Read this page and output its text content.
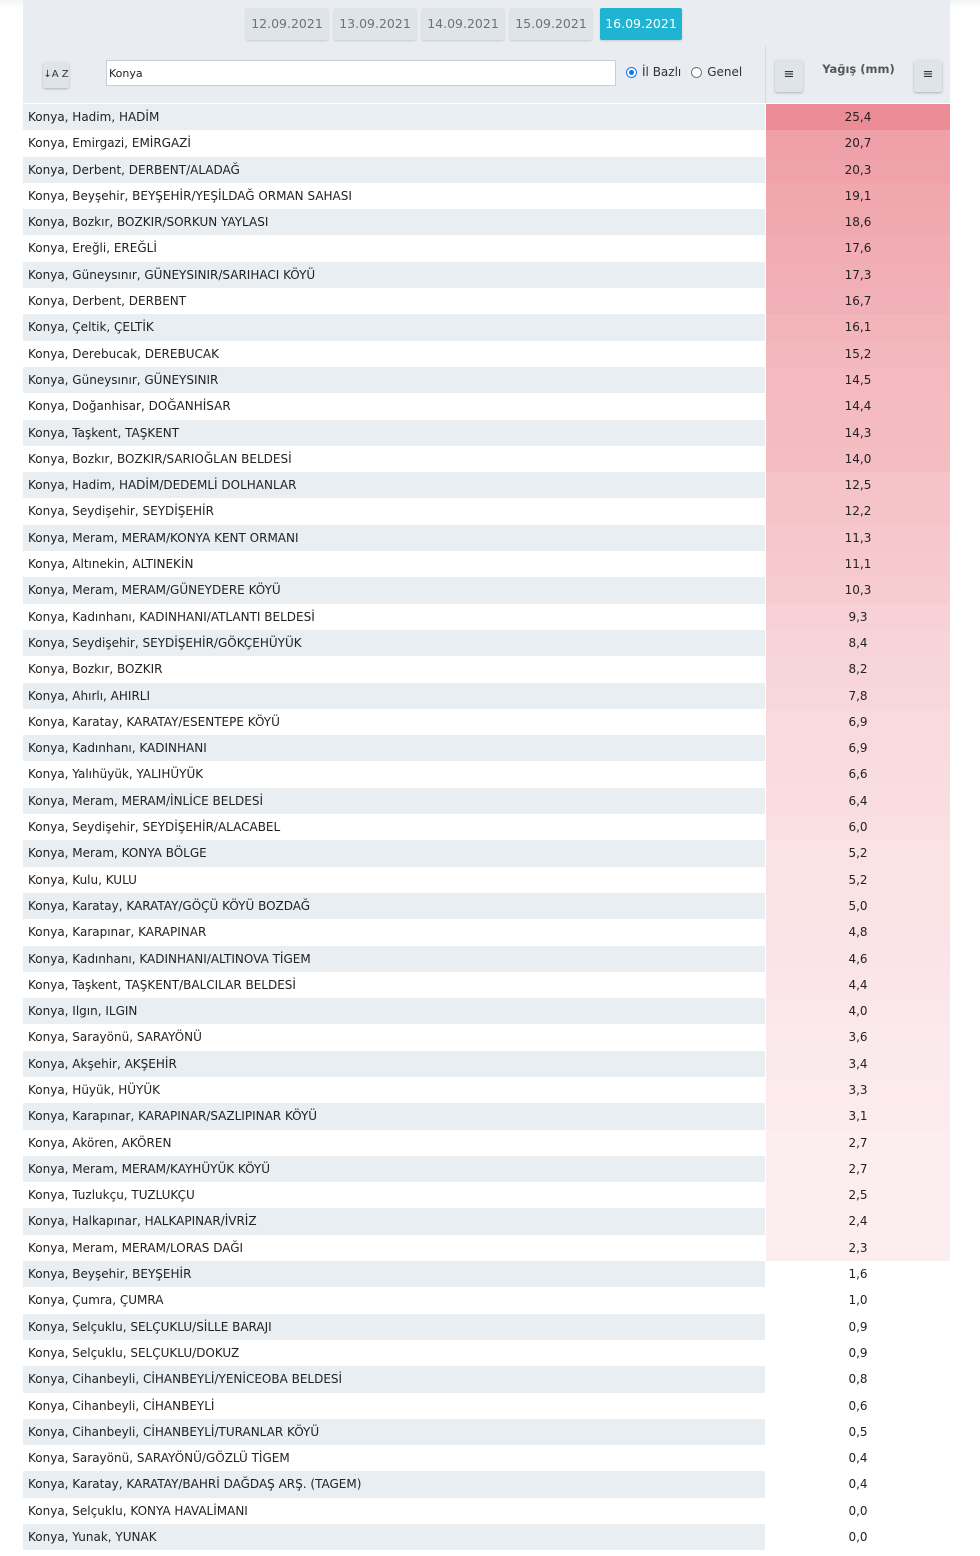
12.09.2021	13.09.2021	14.09.2021	15.09.2021	16.09.2021
↓A Z
Konya	İl Bazlı Genel	≡	Yağış (mm)	≡
Konya, Hadim, HADİM	25,4
Konya, Emirgazi, EMİRGAZİ	20,7
Konya, Derbent, DERBENT/ALADAĞ	20,3
Konya, Beyşehir, BEYŞEHİR/YEŞİLDAĞ ORMAN SAHASI	19,1
Konya, Bozkır, BOZKIR/SORKUN YAYLASI	18,6
Konya, Ereğli, EREĞLİ	17,6
Konya, Güneysınır, GÜNEYSINIR/SARIHACI KÖYÜ	17,3
Konya, Derbent, DERBENT	16,7
Konya, Çeltik, ÇELTİK	16,1
Konya, Derebucak, DEREBUCAK	15,2
Konya, Güneysınır, GÜNEYSINIR	14,5
Konya, Doğanhisar, DOĞANHİSAR	14,4
Konya, Taşkent, TAŞKENT	14,3
Konya, Bozkır, BOZKIR/SARIOĞLAN BELDESİ	14,0
Konya, Hadim, HADİM/DEDEMLİ DOLHANLAR	12,5
Konya, Seydişehir, SEYDİŞEHİR	12,2
Konya, Meram, MERAM/KONYA KENT ORMANI	11,3
Konya, Altınekin, ALTINEKİN	11,1
Konya, Meram, MERAM/GÜNEYDERE KÖYÜ	10,3
Konya, Kadınhanı, KADINHANI/ATLANTI BELDESİ	9,3
Konya, Seydişehir, SEYDİŞEHİR/GÖKÇEHÜYÜK	8,4
Konya, Bozkır, BOZKIR	8,2
Konya, Ahırlı, AHIRLI	7,8
Konya, Karatay, KARATAY/ESENTEPE KÖYÜ	6,9
Konya, Kadınhanı, KADINHANI	6,9
Konya, Yalıhüyük, YALIHÜYÜK	6,6
Konya, Meram, MERAM/İNLİCE BELDESİ	6,4
Konya, Seydişehir, SEYDİŞEHİR/ALACABEL	6,0
Konya, Meram, KONYA BÖLGE	5,2
Konya, Kulu, KULU	5,2
Konya, Karatay, KARATAY/GÖÇÜ KÖYÜ BOZDAĞ	5,0
Konya, Karapınar, KARAPINAR	4,8
Konya, Kadınhanı, KADINHANI/ALTINOVA TİGEM	4,6
Konya, Taşkent, TAŞKENT/BALCILAR BELDESİ	4,4
Konya, Ilgın, ILGIN	4,0
Konya, Sarayönü, SARAYÖNÜ	3,6
Konya, Akşehir, AKŞEHİR	3,4
Konya, Hüyük, HÜYÜK	3,3
Konya, Karapınar, KARAPINAR/SAZLIPINAR KÖYÜ	3,1
Konya, Akören, AKÖREN	2,7
Konya, Meram, MERAM/KAYHÜYÜK KÖYÜ	2,7
Konya, Tuzlukçu, TUZLUKÇU	2,5
Konya, Halkapınar, HALKAPINAR/İVRİZ	2,4
Konya, Meram, MERAM/LORAS DAĞI	2,3
Konya, Beyşehir, BEYŞEHİR	1,6
Konya, Çumra, ÇUMRA	1,0
Konya, Selçuklu, SELÇUKLU/SİLLE BARAJI	0,9
Konya, Selçuklu, SELÇUKLU/DOKUZ	0,9
Konya, Cihanbeyli, CİHANBEYLİ/YENİCEOBA BELDESİ	0,8
Konya, Cihanbeyli, CİHANBEYLİ	0,6
Konya, Cihanbeyli, CİHANBEYLİ/TURANLAR KÖYÜ	0,5
Konya, Sarayönü, SARAYÖNÜ/GÖZLÜ TİGEM	0,4
Konya, Karatay, KARATAY/BAHRİ DAĞDAŞ ARŞ. (TAGEM)	0,4
Konya, Selçuklu, KONYA HAVALİMANI	0,0
Konya, Yunak, YUNAK	0,0
